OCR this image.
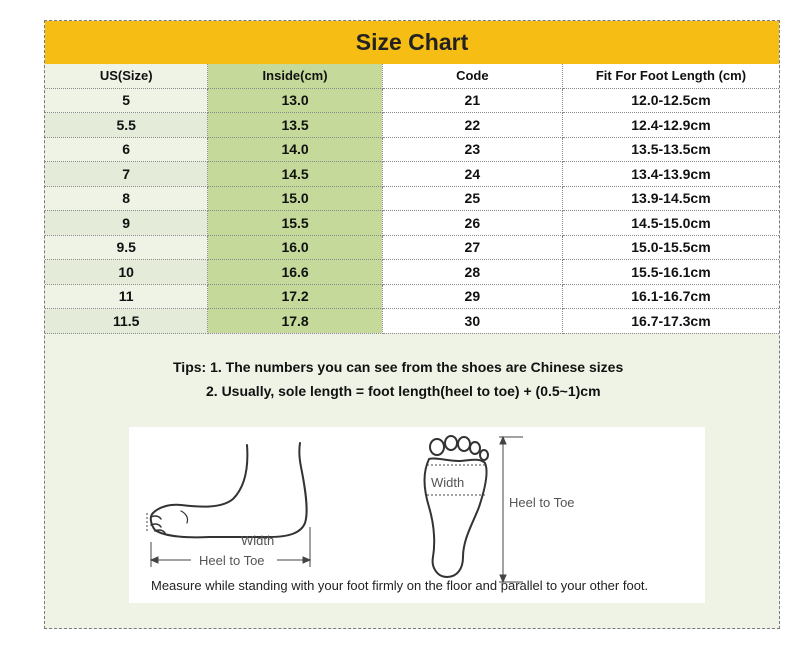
Size Chart
US(Size)	Inside(cm)	Code	Fit For Foot Length (cm)
5	13.0	21	12.0-12.5cm
5.5	13.5	22	12.4-12.9cm
6	14.0	23	13.5-13.5cm
7	14.5	24	13.4-13.9cm
8	15.0	25	13.9-14.5cm
9	15.5	26	14.5-15.0cm
9.5	16.0	27	15.0-15.5cm
10	16.6	28	15.5-16.1cm
11	17.2	29	16.1-16.7cm
11.5	17.8	30	16.7-17.3cm
Tips: 1. The numbers you can see from the shoes are Chinese sizes
2. Usually, sole length = foot length(heel to toe) + (0.5~1)cm
Width
Heel to Toe
Width
Heel to Toe
Measure while standing with your foot firmly on the floor and parallel to your other foot.
